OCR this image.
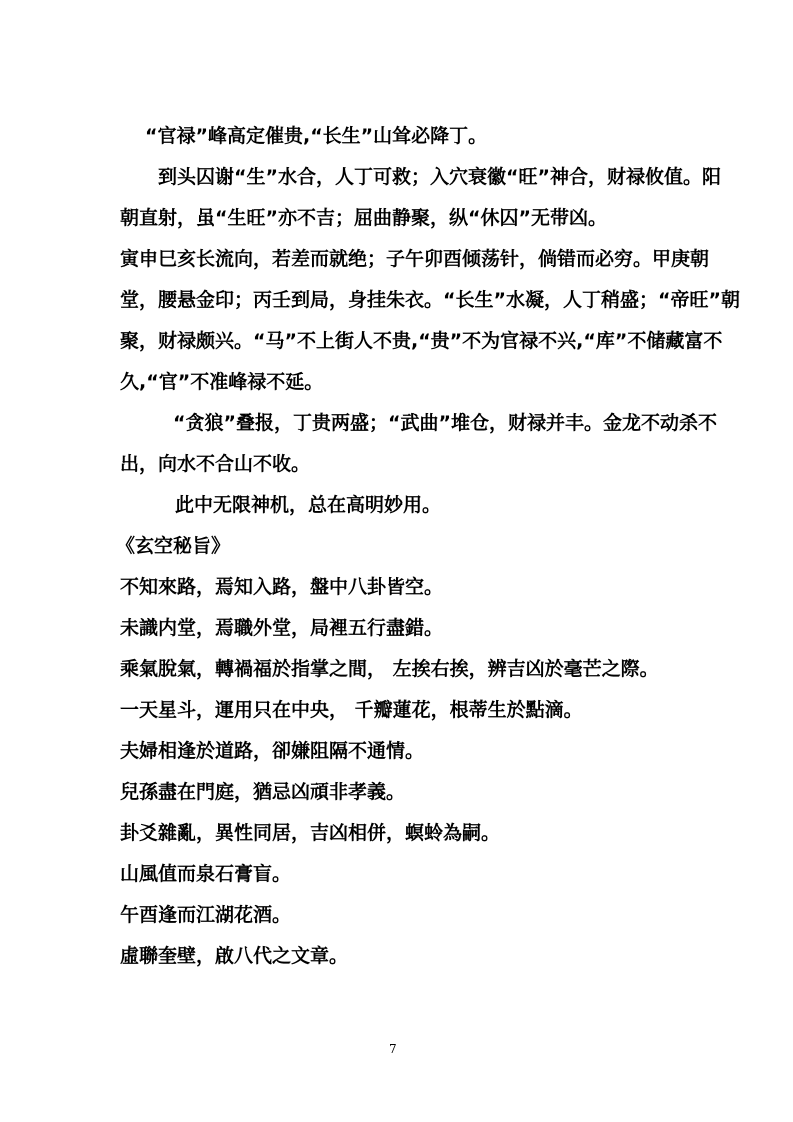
“官禄”峰高定催贵,“长生”山耸必降丁。
到头囚谢“生”水合，人丁可救；入穴衰徽“旺”神合，财禄攸值。阳
朝直射，虽“生旺”亦不吉；屈曲静聚，纵“休囚”无带凶。
寅申巳亥长流向，若差而就绝；子午卯酉倾荡针，倘错而必穷。甲庚朝
堂，腰悬金印；丙壬到局，身挂朱衣。“长生”水凝，人丁稍盛；“帝旺”朝
聚，财禄颇兴。“马”不上街人不贵,“贵”不为官禄不兴,“库”不储藏富不
久,“官”不准峰禄不延。
“贪狼”叠报，丁贵两盛；“武曲”堆仓，财禄并丰。金龙不动杀不
出，向水不合山不收。
此中无限神机，总在高明妙用。
《玄空秘旨》
不知來路，焉知入路，盤中八卦皆空。
未識内堂，焉職外堂，局裡五行盡錯。
乘氣脫氣，轉禍福於指掌之間， 左挨右挨，辨吉凶於毫芒之際。
一天星斗，運用只在中央， 千瓣蓮花，根蒂生於點滴。
夫婦相逢於道路，卻嫌阻隔不通情。
兒孫盡在門庭，猶忌凶頑非孝義。
卦爻雜亂，異性同居，吉凶相併，螟蛉為嗣。
山風值而泉石膏盲。
午酉逢而江湖花酒。
虛聯奎壁，啟八代之文章。
7
